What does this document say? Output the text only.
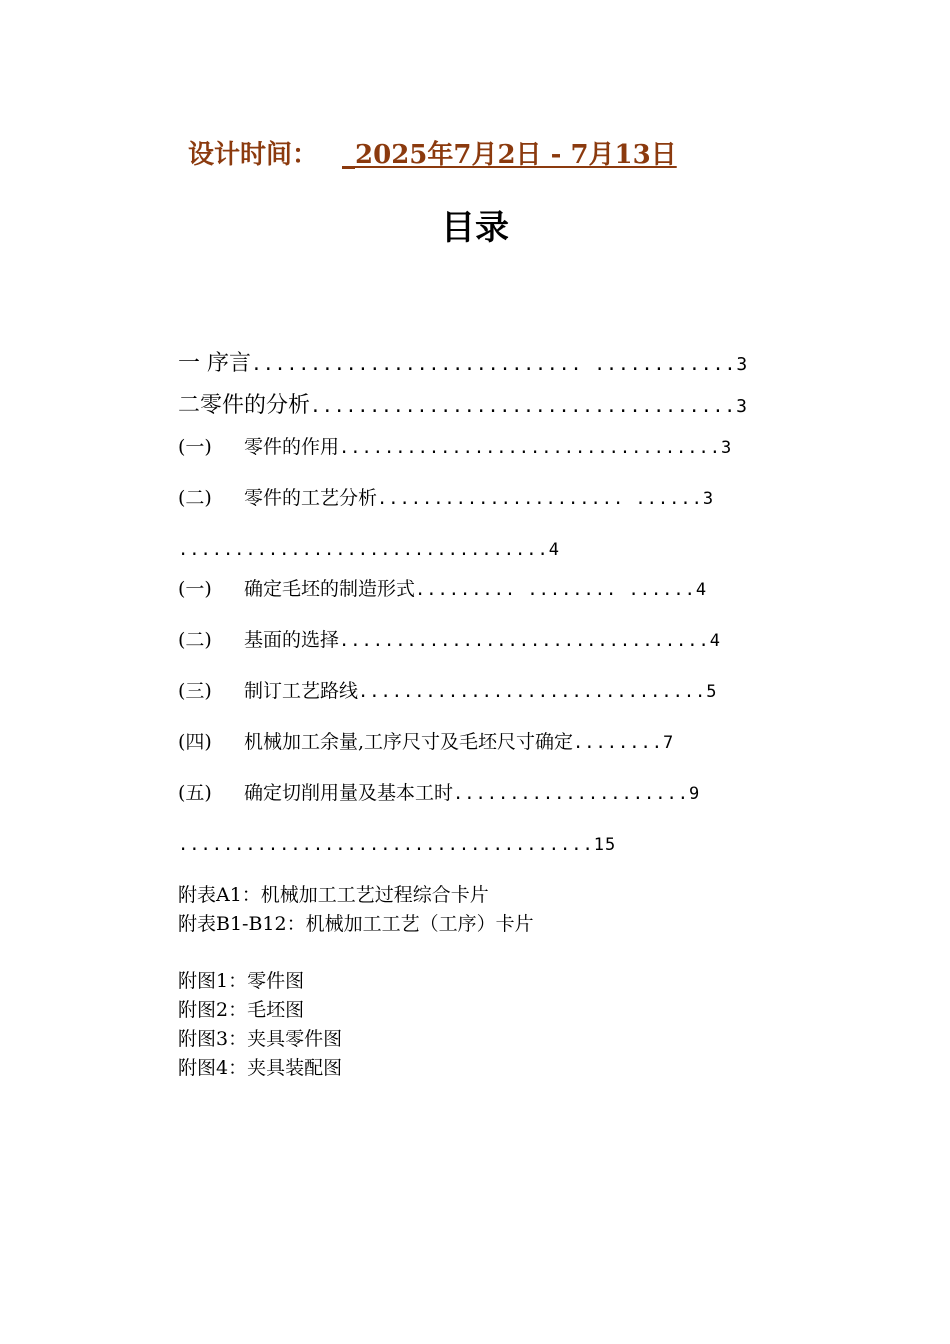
设计时间： _2025年7月2日 - 7月13日
目录
一 序言............................ ............3
二零件的分析....................................3
(一) 零件的作用..................................3
(二) 零件的工艺分析...................... ......3
.................................4
(一) 确定毛坯的制造形式......... ........ ......4
(二) 基面的选择.................................4
(三) 制订工艺路线...............................5
(四) 机械加工余量,工序尺寸及毛坯尺寸确定........7
(五) 确定切削用量及基本工时.....................9
.....................................15
附表A1：机械加工工艺过程综合卡片
附表B1-B12：机械加工工艺（工序）卡片
附图1：零件图
附图2：毛坯图
附图3：夹具零件图
附图4：夹具装配图
